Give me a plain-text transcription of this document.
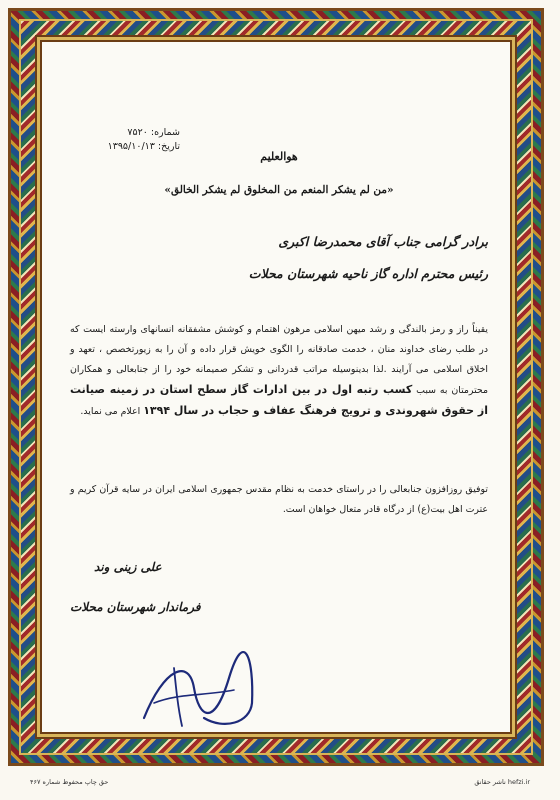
شماره: ۷۵۲۰
تاریخ: ۱۳۹۵/۱۰/۱۳
هوالعلیم
«من لم یشکر المنعم من المخلوق لم یشکر الخالق»
برادر گرامی جناب آقای محمدرضا اکبری
رئیس محترم اداره گاز ناحیه شهرستان محلات

یقیناً راز و رمز بالندگی و رشد میهن اسلامی مرهون اهتمام و کوشش مشفقانه انسانهای وارسته ایست که در طلب رضای خداوند منان ، خدمت صادقانه را الگوی خویش قرار داده و آن را به زیورتخصص ، تعهد و اخلاق اسلامی می آرایند .لذا بدینوسیله مراتب قدردانی و تشکر صمیمانه خود را از جنابعالی و همکاران محترمتان به سبب کسب رتبه اول در بین ادارات گاز سطح استان در زمینه صیانت از حقوق شهروندی و ترویج فرهنگ عفاف و حجاب در سال ۱۳۹۴ اعلام می نماید.

توفیق روزافزون جنابعالی را در راستای خدمت به نظام مقدس جمهوری اسلامی ایران در سایه قرآن کریم و عترت اهل بیت(ع) از درگاه قادر متعال خواهان است.

علی زینی وند
فرماندار شهرستان محلات
حق چاپ محفوظ شماره ۴۶۷	hefzi.ir ناشر حقانق
